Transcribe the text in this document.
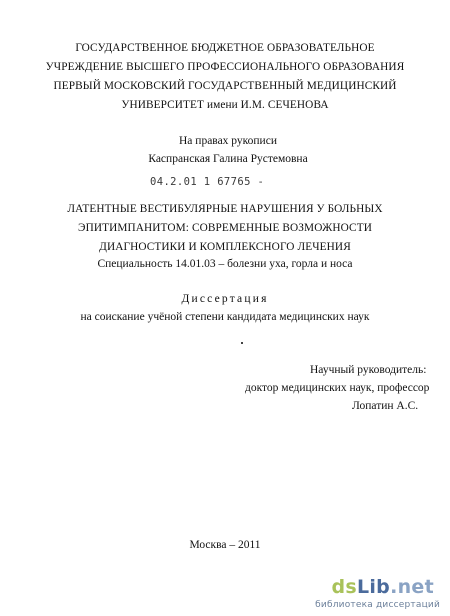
ГОСУДАРСТВЕННОЕ БЮДЖЕТНОЕ ОБРАЗОВАТЕЛЬНОЕ
УЧРЕЖДЕНИЕ ВЫСШЕГО ПРОФЕССИОНАЛЬНОГО ОБРАЗОВАНИЯ
ПЕРВЫЙ МОСКОВСКИЙ ГОСУДАРСТВЕННЫЙ МЕДИЦИНСКИЙ
УНИВЕРСИТЕТ имени И.М. СЕЧЕНОВА
На правах рукописи
Каспранская Галина Рустемовна
04.2.01 1 67765 -
ЛАТЕНТНЫЕ ВЕСТИБУЛЯРНЫЕ НАРУШЕНИЯ У БОЛЬНЫХ
ЭПИТИМПАНИТОМ: СОВРЕМЕННЫЕ ВОЗМОЖНОСТИ
ДИАГНОСТИКИ И КОМПЛЕКСНОГО ЛЕЧЕНИЯ
Специальность 14.01.03 – болезни уха, горла и носа
Диссертация
на соискание учёной степени кандидата медицинских наук
Научный руководитель:
доктор медицинских наук, профессор
Лопатин А.С.
Москва – 2011
dsLib.net
библиотека диссертаций
